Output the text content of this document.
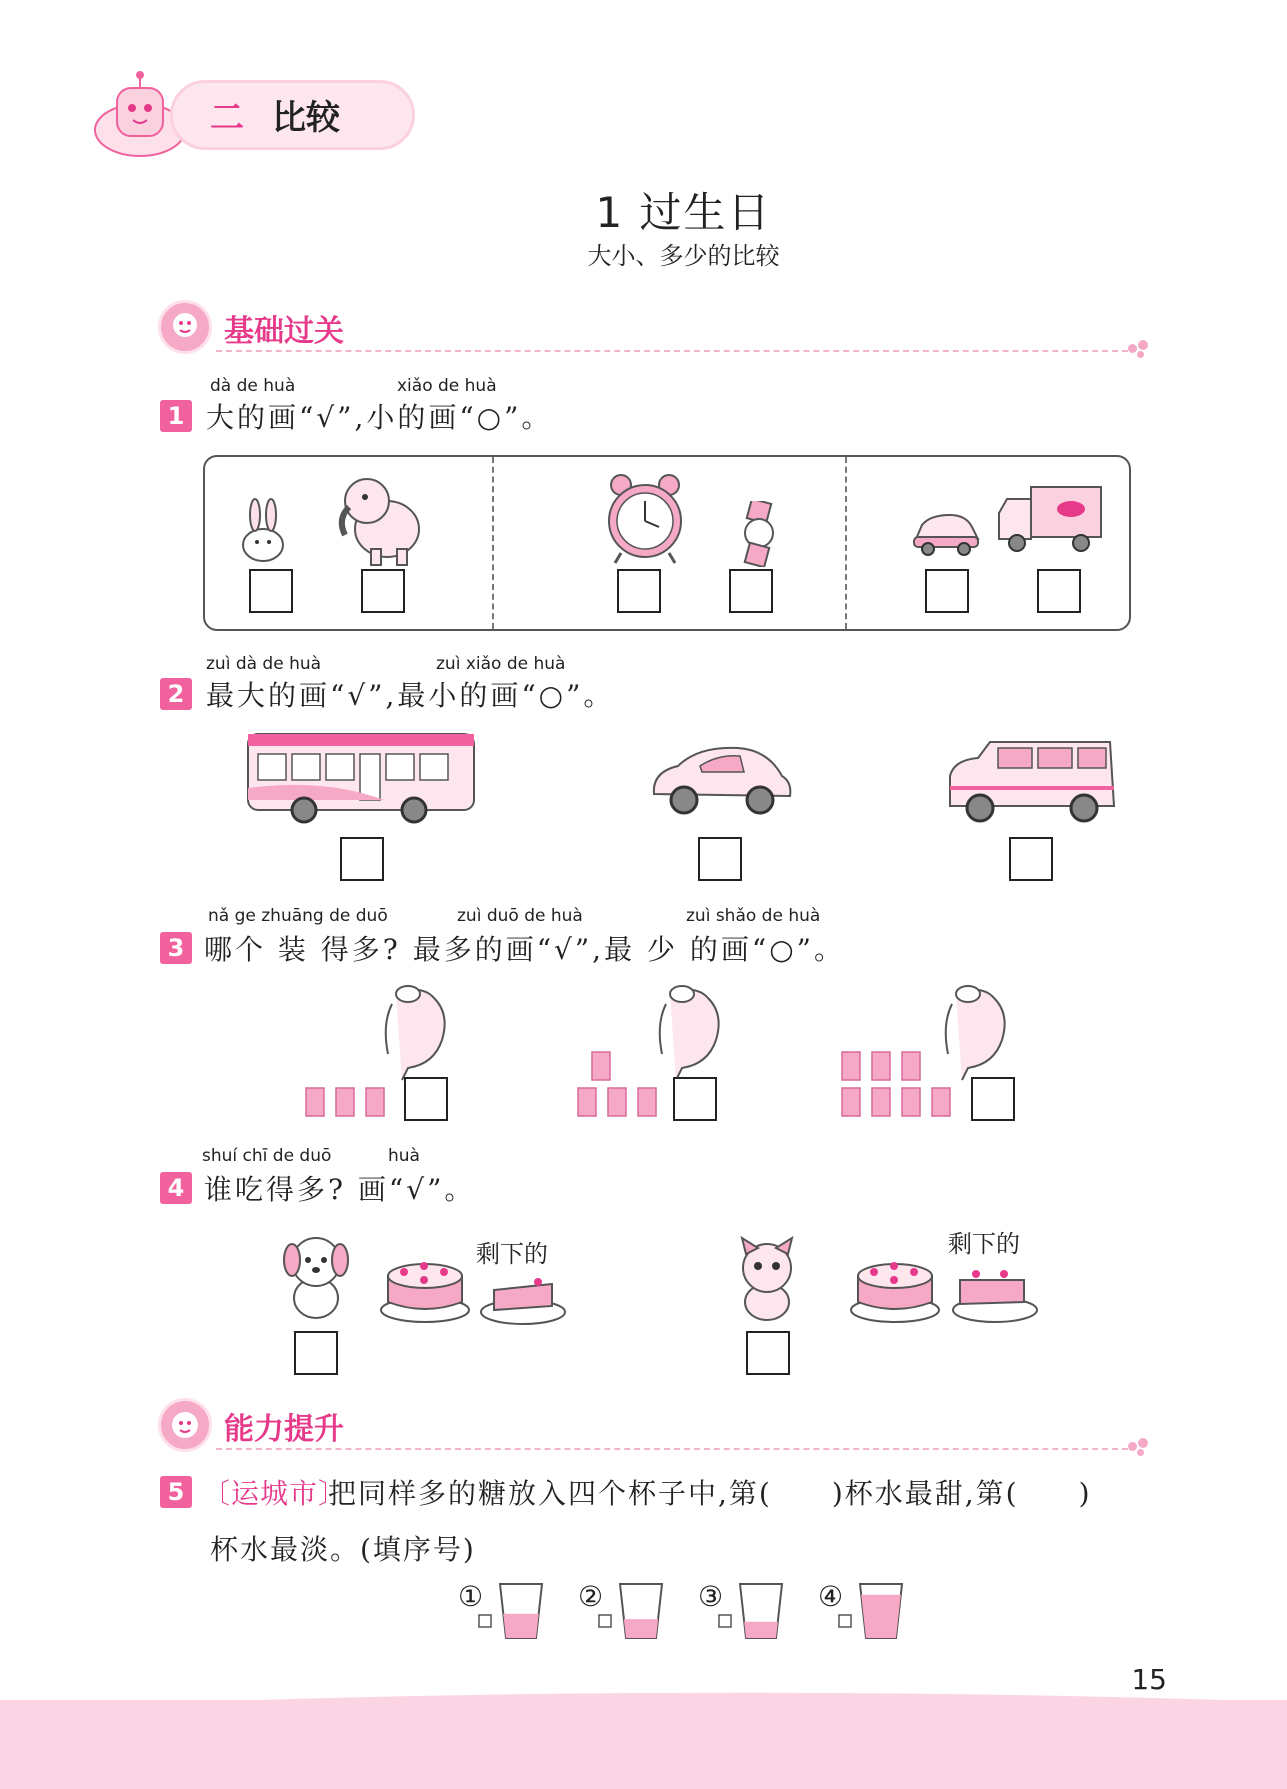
二 比较
1 过生日
大小、多少的比较
基础过关
dà de huà	xiǎo de huà
1 大的画“√”,小的画“○”。
zuì dà de huà	zuì xiǎo de huà
2 最大的画“√”,最小的画“○”。
nǎ ge zhuāng de duō	zuì duō de huà	zuì shǎo de huà
3 哪个 装 得多? 最多的画“√”,最 少 的画“○”。
shuí chī de duō	huà
4 谁吃得多? 画“√”。
剩下的	剩下的
能力提升
5 〔运城市〕
把同样多的糖放入四个杯子中,第(　　)杯水最甜,第(　　)
杯水最淡。(填序号)
①	②	③	④
15
